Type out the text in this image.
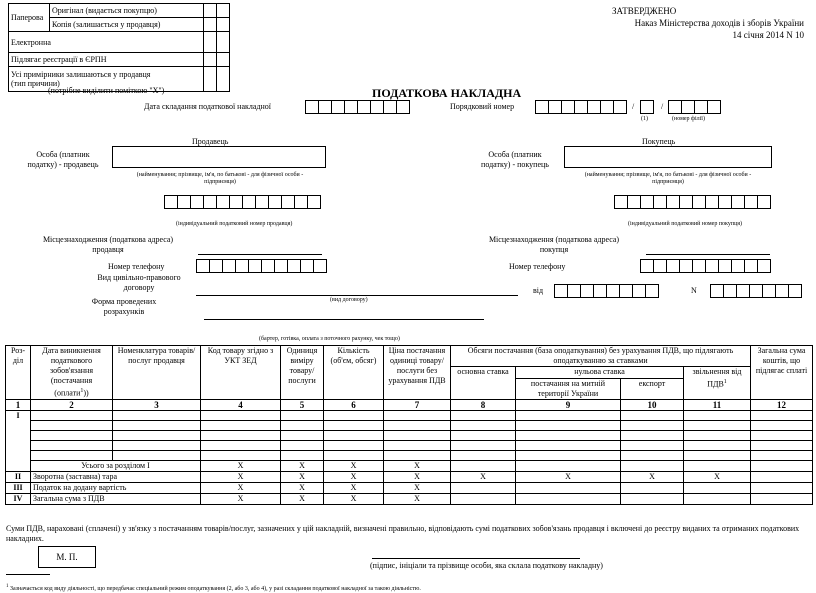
Паперова	Оригінал (видається покупцю)		
	Копія (залишається у продавця)		
Електронна			
Підлягає реєстрації в ЄРПН			
Усі примірники залишаються у продавця
(тип причини)			
(потрібне виділити поміткою "Х")
ЗАТВЕРДЖЕНО
Наказ Міністерства доходів і зборів України
14 січня 2014 N 10
ПОДАТКОВА НАКЛАДНА
Дата складання податкової накладної	Порядковий номер	/	/
(1)	(номер філії)
Продавець
Особа (платник
податку) - продавець
(найменування; прізвище, ім'я, по батькові - для фізичної особи -
підприємця)
(індивідуальний податковий номер продавця)
Місцезнаходження (податкова адреса)
продавця
Номер телефону
Покупець
Особа (платник
податку) - покупець
(найменування; прізвище, ім'я, по батькові - для фізичної особи -
підприємця)
(індивідуальний податковий номер покупця)
Місцезнаходження (податкова адреса)
покупця
Номер телефону
Вид цивільно-правового
договору
(вид договору)
від	N
Форма проведених
розрахунків
(бартер, готівка, оплата з поточного рахунку, чек тощо)
Роз-діл	Дата виникнення податкового зобов'язання (постачання (оплати$^1$))	Номенклатура товарів/послуг продавця	Код товару згідно з УКТ ЗЕД	Одиниця виміру товару/ послуги	Кількість (об'єм, обсяг)	Ціна постачання одиниці товару/ послуги без урахування ПДВ	Обсяги постачання (база оподаткування) без урахування ПДВ, що підлягають оподаткуванню за ставками				Загальна сума коштів, що підлягає сплаті
							основна ставка	нульова ставка		звільнення від ПДВ$^1$
								постачання на митній території України	експорт		
1	2	3	4	5	6	7	8	9	10	11	12
I											

	Усього за розділом I		X	X	X	X					
II	Зворотна (заставна) тара		X	X	X	X	X	X	X	X	
III	Податок на додану вартість		X	X	X	X					
IV	Загальна сума з ПДВ		X	X	X	X					
Суми ПДВ, нараховані (сплачені) у зв'язку з постачанням товарів/послуг, зазначених у цій накладній, визначені правильно, відповідають сумі податкових зобов'язань продавця і включені до реєстру виданих та отриманих податкових накладних.
М. П.
(підпис, ініціали та прізвище особи, яка склала податкову накладну)
$^1$ Зазначається код виду діяльності, що передбачає спеціальний режим оподаткування (2, або 3, або 4), у разі складання податкової накладної за такою діяльністю.
